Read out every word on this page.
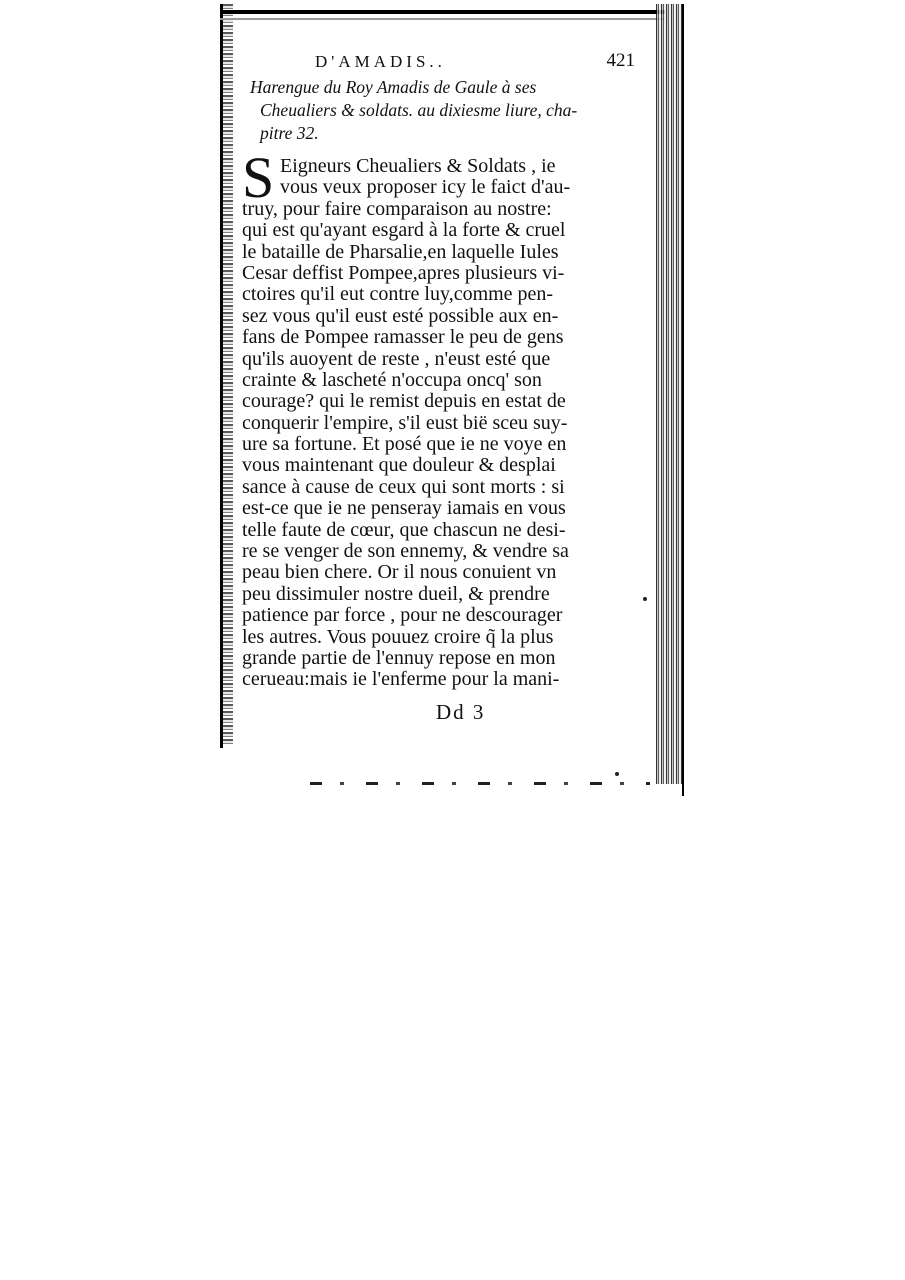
D'AMADIS..	421
Harengue du Roy Amadis de Gaule à ses
Cheualiers & soldats. au dixiesme liure, cha-
pitre 32.
S Eigneurs Cheualiers & Soldats , ie
vous veux proposer icy le faict d'au-
truy, pour faire comparaison au nostre:
qui est qu'ayant esgard à la forte & cruel
le bataille de Pharsalie,en laquelle Iules
Cesar deffist Pompee,apres plusieurs vi-
ctoires qu'il eut contre luy,comme pen-
sez vous qu'il eust esté possible aux en-
fans de Pompee ramasser le peu de gens
qu'ils auoyent de reste , n'eust esté que
crainte & lascheté n'occupa oncq' son
courage? qui le remist depuis en estat de
conquerir l'empire, s'il eust bië sceu suy-
ure sa fortune. Et posé que ie ne voye en
vous maintenant que douleur & desplai
sance à cause de ceux qui sont morts : si
est-ce que ie ne penseray iamais en vous
telle faute de cœur, que chascun ne desi-
re se venger de son ennemy, & vendre sa
peau bien chere. Or il nous conuient vn
peu dissimuler nostre dueil, & prendre
patience par force , pour ne descourager
les autres. Vous pouuez croire q̃ la plus
grande partie de l'ennuy repose en mon
cerueau:mais ie l'enferme pour la mani-
Dd 3
